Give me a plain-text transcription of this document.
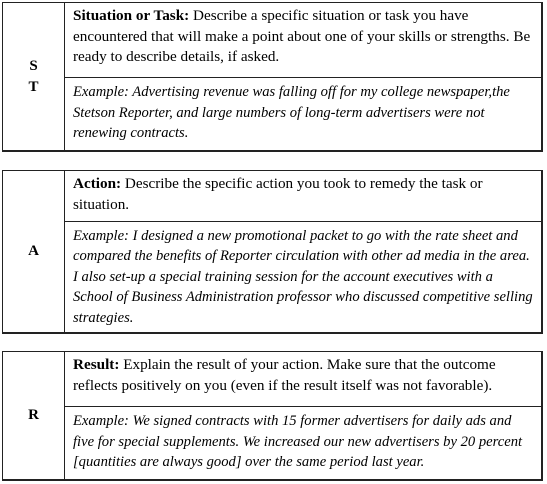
S
T
Situation or Task: Describe a specific situation or task you have encountered that will make a point about one of your skills or strengths. Be ready to describe details, if asked.
Example: Advertising revenue was falling off for my college newspaper,the Stetson Reporter, and large numbers of long-term advertisers were not renewing contracts.
A
Action: Describe the specific action you took to remedy the task or situation.
Example: I designed a new promotional packet to go with the rate sheet and compared the benefits of Reporter circulation with other ad media in the area. I also set-up a special training session for the account executives with a School of Business Administration professor who discussed competitive selling strategies.
R
Result: Explain the result of your action. Make sure that the outcome reflects positively on you (even if the result itself was not favorable).
Example: We signed contracts with 15 former advertisers for daily ads and five for special supplements. We increased our new advertisers by 20 percent [quantities are always good] over the same period last year.
